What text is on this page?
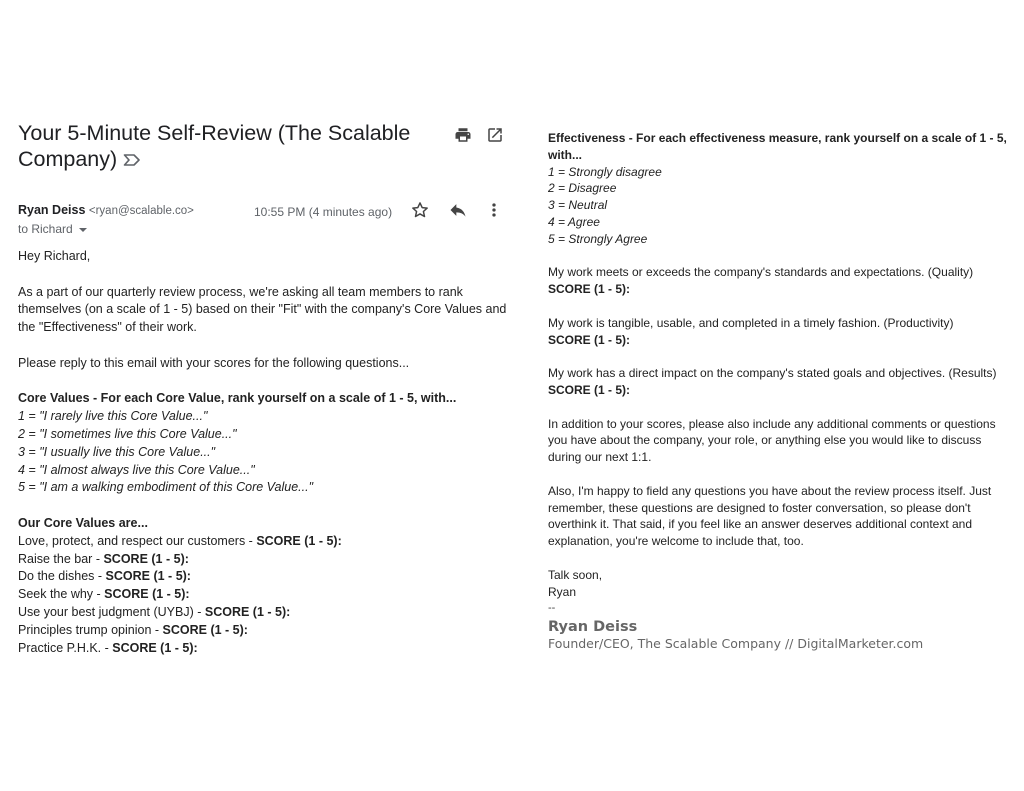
Your 5-Minute Self-Review (The Scalable Company)
Ryan Deiss <ryan@scalable.co>	10:55 PM (4 minutes ago)
to Richard

Hey Richard,

As a part of our quarterly review process, we're asking all team members to rank themselves (on a scale of 1 - 5) based on their "Fit" with the company's Core Values and the "Effectiveness" of their work.

Please reply to this email with your scores for the following questions...

Core Values - For each Core Value, rank yourself on a scale of 1 - 5, with...

1 = "I rarely live this Core Value..."

2 = "I sometimes live this Core Value..."

3 = "I usually live this Core Value..."

4 = "I almost always live this Core Value..."

5 = "I am a walking embodiment of this Core Value..."

Our Core Values are...

Love, protect, and respect our customers - SCORE (1 - 5):

Raise the bar - SCORE (1 - 5):

Do the dishes - SCORE (1 - 5):

Seek the why - SCORE (1 - 5):

Use your best judgment (UYBJ) - SCORE (1 - 5):

Principles trump opinion - SCORE (1 - 5):

Practice P.H.K. - SCORE (1 - 5):

Effectiveness - For each effectiveness measure, rank yourself on a scale of 1 - 5, with...

1 = Strongly disagree

2 = Disagree

3 = Neutral

4 = Agree

5 = Strongly Agree

My work meets or exceeds the company's standards and expectations. (Quality)

SCORE (1 - 5):

My work is tangible, usable, and completed in a timely fashion. (Productivity)

SCORE (1 - 5):

My work has a direct impact on the company's stated goals and objectives. (Results)

SCORE (1 - 5):

In addition to your scores, please also include any additional comments or questions you have about the company, your role, or anything else you would like to discuss during our next 1:1.

Also, I'm happy to field any questions you have about the review process itself. Just remember, these questions are designed to foster conversation, so please don't overthink it. That said, if you feel like an answer deserves additional context and explanation, you're welcome to include that, too.

Talk soon,

Ryan

--

Ryan Deiss

Founder/CEO, The Scalable Company // DigitalMarketer.com
